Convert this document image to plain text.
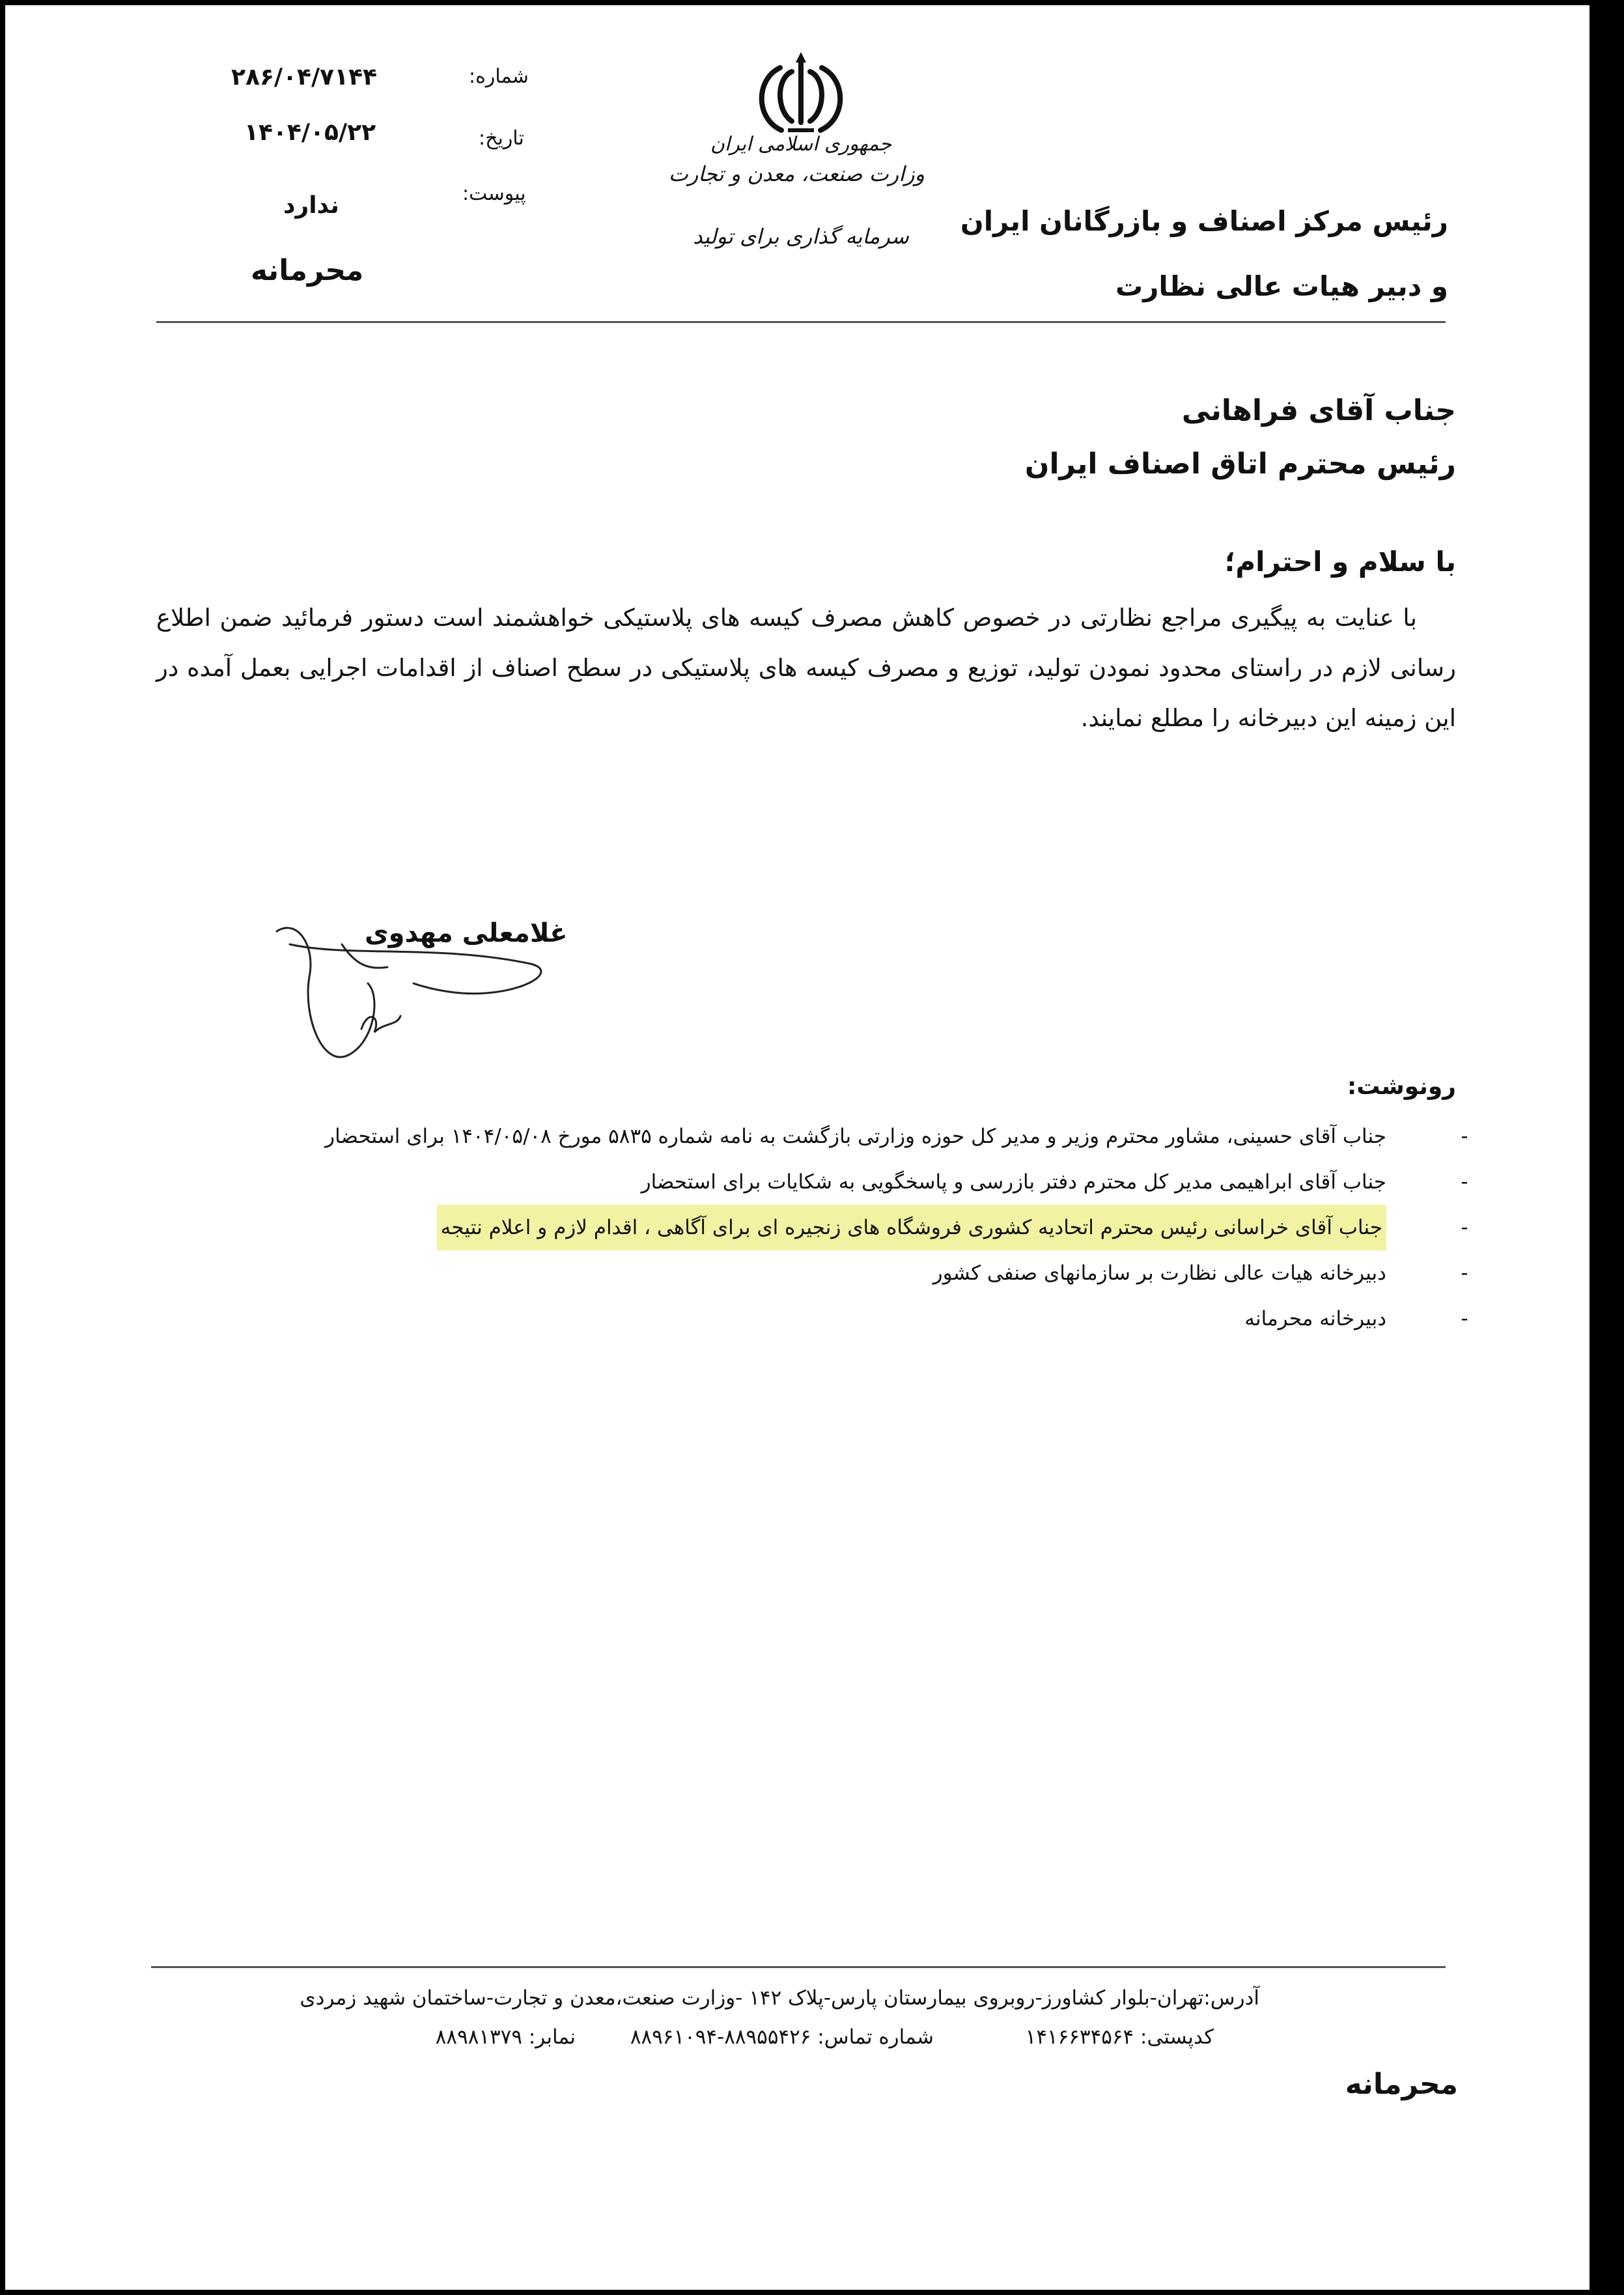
رئیس مرکز اصناف و بازرگانان ایران
و دبیر هیات عالی نظارت
جمهوری اسلامی ایران
وزارت صنعت، معدن و تجارت
سرمایه گذاری برای تولید
شماره:
۲۸۶/۰۴/۷۱۴۴
تاریخ:
۱۴۰۴/۰۵/۲۲
پیوست:
ندارد
محرمانه
جناب آقای فراهانی
رئیس محترم اتاق اصناف ایران
با سلام و احترام؛

با عنایت به پیگیری مراجع نظارتی در خصوص کاهش مصرف کیسه های پلاستیکی خواهشمند است دستور فرمائید ضمن اطلاع رسانی لازم در راستای محدود نمودن تولید، توزیع و مصرف کیسه های پلاستیکی در سطح اصناف از اقدامات اجرایی بعمل آمده در این زمینه این دبیرخانه را مطلع نمایند.

غلامعلی مهدوی
رونوشت:
-
جناب آقای حسینی، مشاور محترم وزیر و مدیر کل حوزه وزارتی بازگشت به نامه شماره ۵۸۳۵ مورخ ۱۴۰۴/۰۵/۰۸ برای استحضار
-
جناب آقای ابراهیمی مدیر کل محترم دفتر بازرسی و پاسخگویی به شکایات برای استحضار
-
جناب آقای خراسانی رئیس محترم اتحادیه کشوری فروشگاه های زنجیره ای برای آگاهی ، اقدام لازم و اعلام نتیجه
-
دبیرخانه هیات عالی نظارت بر سازمانهای صنفی کشور
-
دبیرخانه محرمانه
آدرس:تهران-بلوار کشاورز-روبروی بیمارستان پارس-پلاک ۱۴۲ -وزارت صنعت،معدن و تجارت-ساختمان شهید زمردی
کدپستی: ۱۴۱۶۶۳۴۵۶۴
شماره تماس: ۸۸۹۵۵۴۲۶-۸۸۹۶۱۰۹۴
نمابر: ۸۸۹۸۱۳۷۹
محرمانه
